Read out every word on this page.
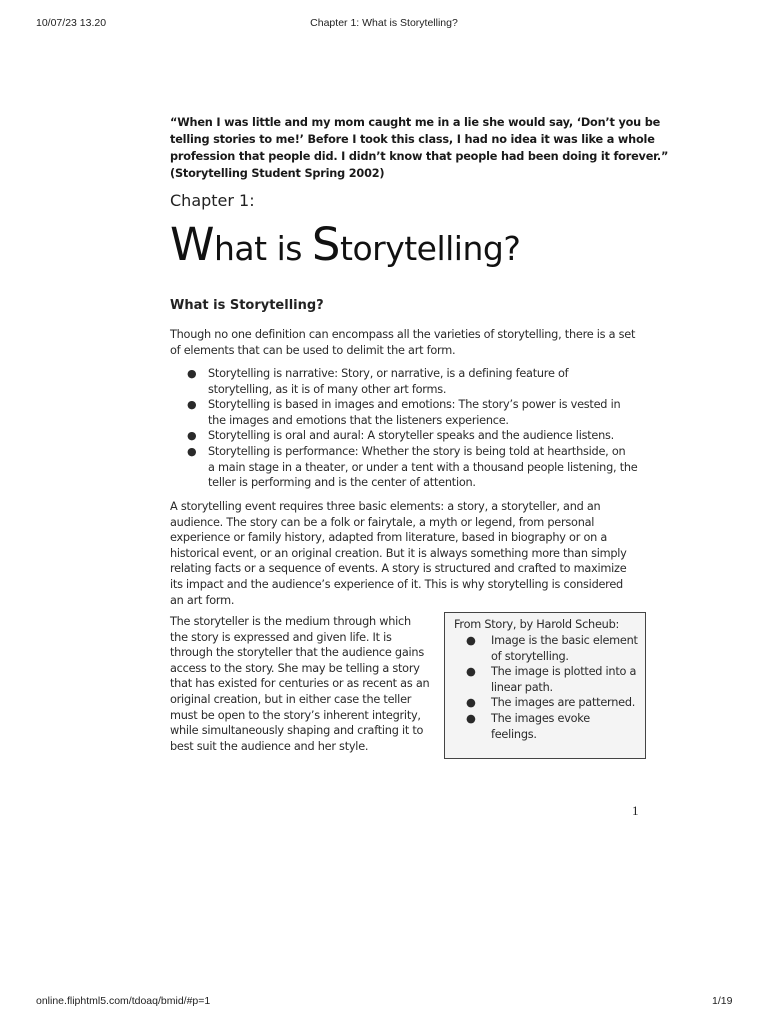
10/07/23 13.20	Chapter 1: What is Storytelling?
“When I was little and my mom caught me in a lie she would say, ‘Don’t you be
telling stories to me!’ Before I took this class, I had no idea it was like a whole
profession that people did. I didn’t know that people had been doing it forever.”
(Storytelling Student Spring 2002)
Chapter 1:
What is Storytelling?
What is Storytelling?
Though no one definition can encompass all the varieties of storytelling, there is a set
of elements that can be used to delimit the art form.
● Storytelling is narrative: Story, or narrative, is a defining feature of
storytelling, as it is of many other art forms.
● Storytelling is based in images and emotions: The story’s power is vested in
the images and emotions that the listeners experience.
● Storytelling is oral and aural: A storyteller speaks and the audience listens.
● Storytelling is performance: Whether the story is being told at hearthside, on
a main stage in a theater, or under a tent with a thousand people listening, the
teller is performing and is the center of attention.
A storytelling event requires three basic elements: a story, a storyteller, and an
audience. The story can be a folk or fairytale, a myth or legend, from personal
experience or family history, adapted from literature, based in biography or on a
historical event, or an original creation. But it is always something more than simply
relating facts or a sequence of events. A story is structured and crafted to maximize
its impact and the audience’s experience of it. This is why storytelling is considered
an art form.
The storyteller is the medium through which
the story is expressed and given life. It is
through the storyteller that the audience gains
access to the story. She may be telling a story
that has existed for centuries or as recent as an
original creation, but in either case the teller
must be open to the story’s inherent integrity,
while simultaneously shaping and crafting it to
best suit the audience and her style.
From Story, by Harold Scheub:
● Image is the basic element
of storytelling.
● The image is plotted into a
linear path.
● The images are patterned.
● The images evoke
feelings.
1
online.fliphtml5.com/tdoaq/bmid/#p=1	1/19
